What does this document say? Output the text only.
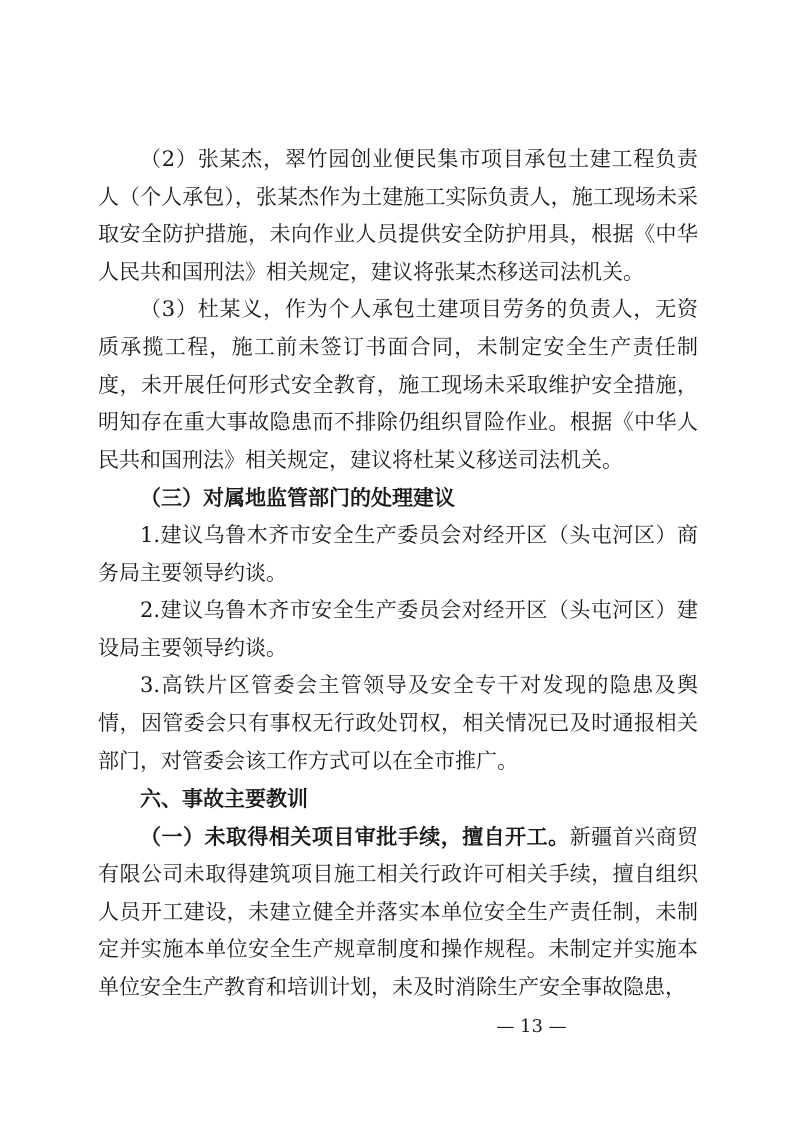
（2）张某杰，翠竹园创业便民集市项目承包土建工程负责人（个人承包），张某杰作为土建施工实际负责人，施工现场未采取安全防护措施，未向作业人员提供安全防护用具，根据《中华人民共和国刑法》相关规定，建议将张某杰移送司法机关。

（3）杜某义，作为个人承包土建项目劳务的负责人，无资质承揽工程，施工前未签订书面合同，未制定安全生产责任制度，未开展任何形式安全教育，施工现场未采取维护安全措施，明知存在重大事故隐患而不排除仍组织冒险作业。根据《中华人民共和国刑法》相关规定，建议将杜某义移送司法机关。

（三）对属地监管部门的处理建议

1.建议乌鲁木齐市安全生产委员会对经开区（头屯河区）商务局主要领导约谈。

2.建议乌鲁木齐市安全生产委员会对经开区（头屯河区）建设局主要领导约谈。

3.高铁片区管委会主管领导及安全专干对发现的隐患及舆情，因管委会只有事权无行政处罚权，相关情况已及时通报相关部门，对管委会该工作方式可以在全市推广。

六、事故主要教训

（一）未取得相关项目审批手续，擅自开工。新疆首兴商贸有限公司未取得建筑项目施工相关行政许可相关手续，擅自组织人员开工建设，未建立健全并落实本单位安全生产责任制，未制定并实施本单位安全生产规章制度和操作规程。未制定并实施本单位安全生产教育和培训计划，未及时消除生产安全事故隐患，

— 13 —
